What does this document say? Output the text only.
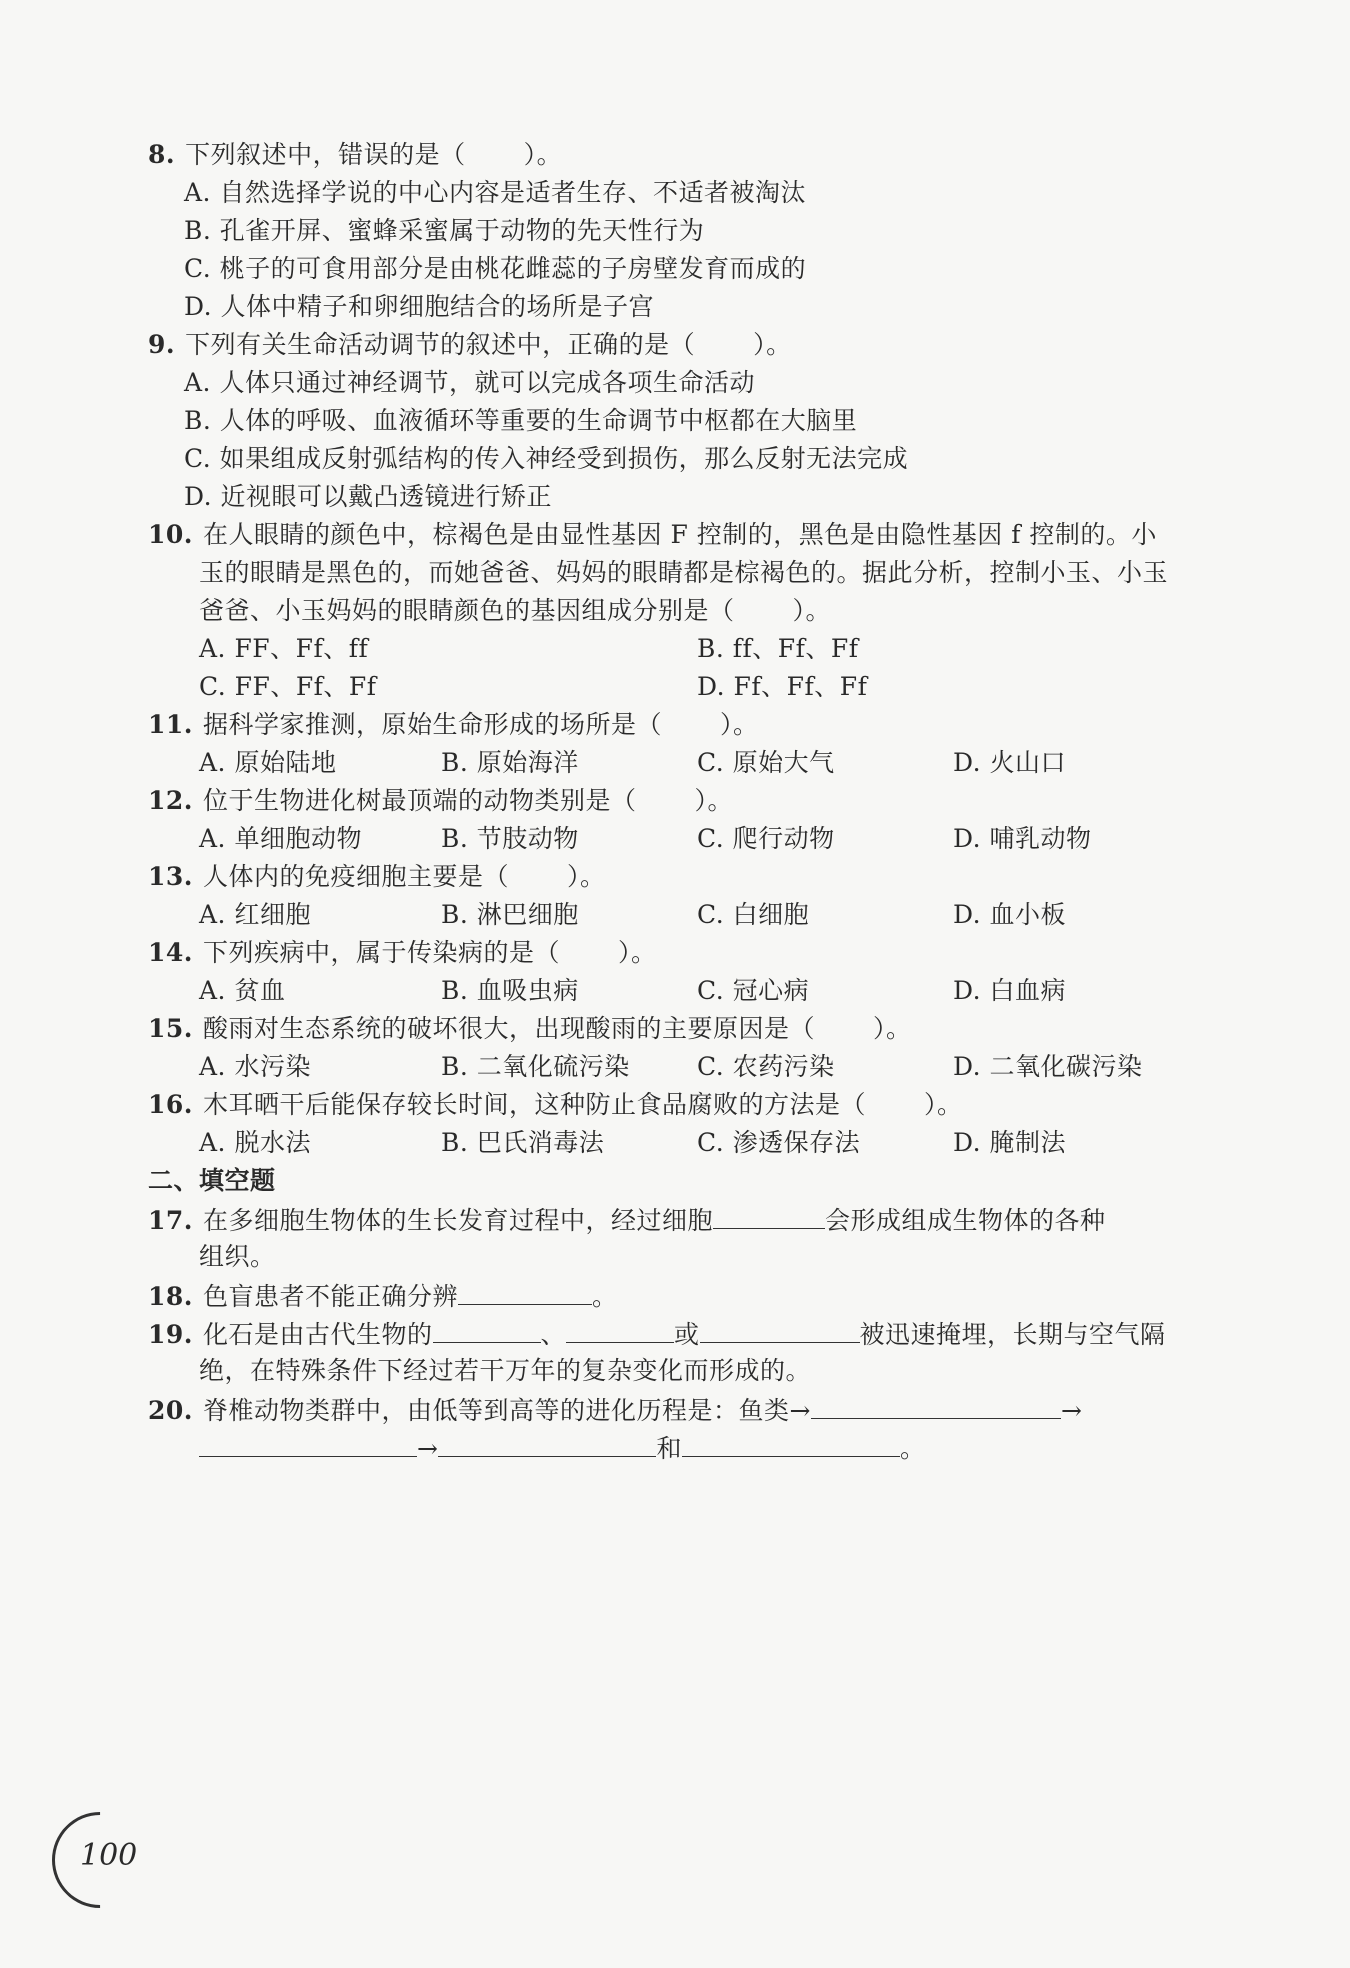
8. 下列叙述中，错误的是（ ）。
A. 自然选择学说的中心内容是适者生存、不适者被淘汰
B. 孔雀开屏、蜜蜂采蜜属于动物的先天性行为
C. 桃子的可食用部分是由桃花雌蕊的子房壁发育而成的
D. 人体中精子和卵细胞结合的场所是子宫
9. 下列有关生命活动调节的叙述中，正确的是（ ）。
A. 人体只通过神经调节，就可以完成各项生命活动
B. 人体的呼吸、血液循环等重要的生命调节中枢都在大脑里
C. 如果组成反射弧结构的传入神经受到损伤，那么反射无法完成
D. 近视眼可以戴凸透镜进行矫正
10. 在人眼睛的颜色中，棕褐色是由显性基因 F 控制的，黑色是由隐性基因 f 控制的。小
玉的眼睛是黑色的，而她爸爸、妈妈的眼睛都是棕褐色的。据此分析，控制小玉、小玉
爸爸、小玉妈妈的眼睛颜色的基因组成分别是（ ）。
A. FF、Ff、ff	B. ff、Ff、Ff
C. FF、Ff、Ff	D. Ff、Ff、Ff
11. 据科学家推测，原始生命形成的场所是（ ）。
A. 原始陆地	B. 原始海洋	C. 原始大气	D. 火山口
12. 位于生物进化树最顶端的动物类别是（ ）。
A. 单细胞动物	B. 节肢动物	C. 爬行动物	D. 哺乳动物
13. 人体内的免疫细胞主要是（ ）。
A. 红细胞	B. 淋巴细胞	C. 白细胞	D. 血小板
14. 下列疾病中，属于传染病的是（ ）。
A. 贫血	B. 血吸虫病	C. 冠心病	D. 白血病
15. 酸雨对生态系统的破坏很大，出现酸雨的主要原因是（ ）。
A. 水污染	B. 二氧化硫污染	C. 农药污染	D. 二氧化碳污染
16. 木耳晒干后能保存较长时间，这种防止食品腐败的方法是（ ）。
A. 脱水法	B. 巴氏消毒法	C. 渗透保存法	D. 腌制法
二、填空题
17. 在多细胞生物体的生长发育过程中，经过细胞	会形成组成生物体的各种
组织。
18. 色盲患者不能正确分辨	。
19. 化石是由古代生物的	、	或	被迅速掩埋，长期与空气隔
绝，在特殊条件下经过若干万年的复杂变化而形成的。
20. 脊椎动物类群中，由低等到高等的进化历程是：鱼类→	→
→	和	。
100
